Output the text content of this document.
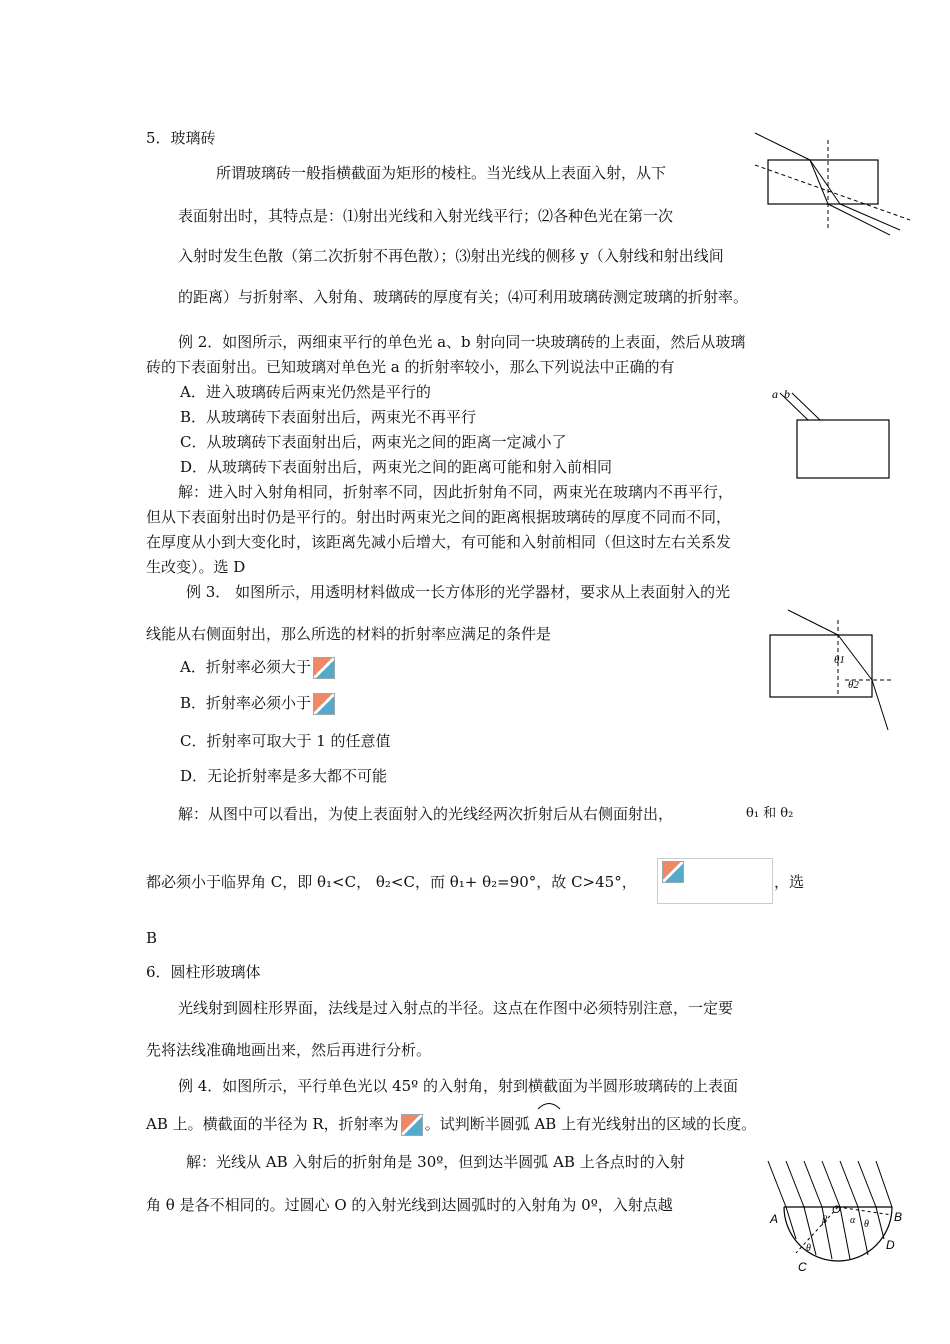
5．玻璃砖
所谓玻璃砖一般指横截面为矩形的棱柱。当光线从上表面入射，从下
表面射出时，其特点是：⑴射出光线和入射光线平行；⑵各种色光在第一次
入射时发生色散（第二次折射不再色散）；⑶射出光线的侧移 y（入射线和射出线间
的距离）与折射率、入射角、玻璃砖的厚度有关；⑷可利用玻璃砖测定玻璃的折射率。
例 2．如图所示，两细束平行的单色光 a、b 射向同一块玻璃砖的上表面，然后从玻璃
砖的下表面射出。已知玻璃对单色光 a 的折射率较小，那么下列说法中正确的有
A．进入玻璃砖后两束光仍然是平行的
B．从玻璃砖下表面射出后，两束光不再平行
C．从玻璃砖下表面射出后，两束光之间的距离一定减小了
D．从玻璃砖下表面射出后，两束光之间的距离可能和射入前相同
a b
解：进入时入射角相同，折射率不同，因此折射角不同，两束光在玻璃内不再平行，
但从下表面射出时仍是平行的。射出时两束光之间的距离根据玻璃砖的厚度不同而不同，
在厚度从小到大变化时，该距离先减小后增大，有可能和入射前相同（但这时左右关系发
生改变）。选 D
例 3． 如图所示，用透明材料做成一长方体形的光学器材，要求从上表面射入的光
线能从右侧面射出，那么所选的材料的折射率应满足的条件是
A．折射率必须大于
B．折射率必须小于
C．折射率可取大于 1 的任意值
D．无论折射率是多大都不可能
θ1
θ2
解：从图中可以看出，为使上表面射入的光线经两次折射后从右侧面射出，	θ₁ 和 θ₂
都必须小于临界角 C，即 θ₁<C， θ₂<C，而 θ₁+ θ₂=90°，故 C>45°，	，选
B
6．圆柱形玻璃体
光线射到圆柱形界面，法线是过入射点的半径。这点在作图中必须特别注意，一定要
先将法线准确地画出来，然后再进行分析。
例 4．如图所示，平行单色光以 45º 的入射角，射到横截面为半圆形玻璃砖的上表面
AB 上。横截面的半径为 R，折射率为 。试判断半圆弧 AB 上有光线射出的区域的长度。
解：光线从 AB 入射后的折射角是 30º，但到达半圆弧 AB 上各点时的入射
角 θ 是各不相同的。过圆心 O 的入射光线到达圆弧时的入射角为 0º，入射点越
A	B
C
D
O
β α θ
θ
